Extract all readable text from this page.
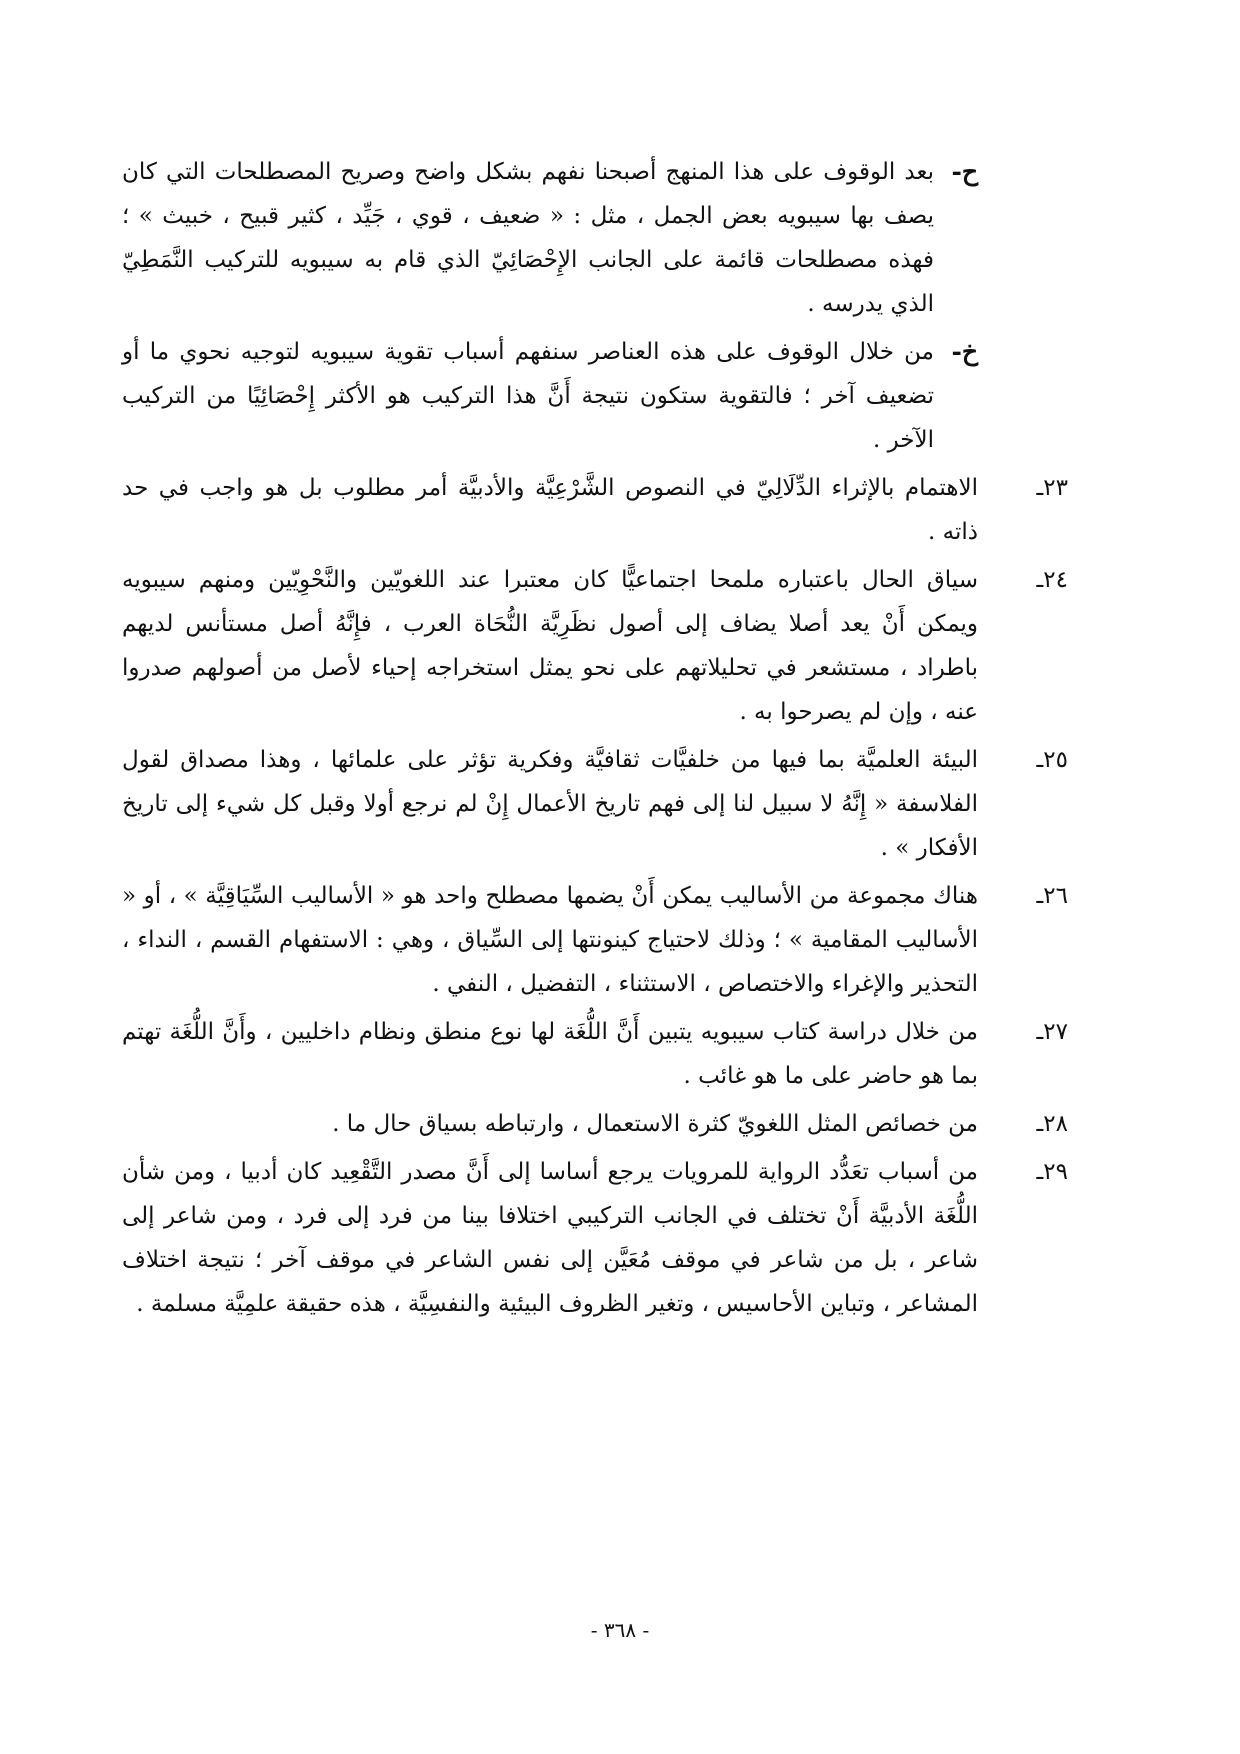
ح-
بعد الوقوف على هذا المنهج أصبحنا نفهم بشكل واضح وصريح المصطلحات التي كان يصف بها سيبويه بعض الجمل ، مثل : « ضعيف ، قوي ، جَيِّد ، كثير قبيح ، خبيث » ؛ فهذه مصطلحات قائمة على الجانب الإِحْصَائِيّ الذي قام به سيبويه للتركيب النَّمَطِيّ الذي يدرسه .
خ-
من خلال الوقوف على هذه العناصر سنفهم أسباب تقوية سيبويه لتوجيه نحوي ما أو تضعيف آخر ؛ فالتقوية ستكون نتيجة أَنَّ هذا التركيب هو الأكثر إِحْصَائِيًا من التركيب الآخر .
٢٣ـ
الاهتمام بالإثراء الدِّلَالِيّ في النصوص الشَّرْعِيَّة والأدبيَّة أمر مطلوب بل هو واجب في حد ذاته .
٢٤ـ
سياق الحال باعتباره ملمحا اجتماعيًّا كان معتبرا عند اللغويّين والنَّحْوِيّين ومنهم سيبويه ويمكن أَنْ يعد أصلا يضاف إلى أصول نظَرِيَّة النُّحَاة العرب ، فإِنَّهُ أصل مستأنس لديهم باطراد ، مستشعر في تحليلاتهم على نحو يمثل استخراجه إحياء لأصل من أصولهم صدروا عنه ، وإن لم يصرحوا به .
٢٥ـ
البيئة العلميَّة بما فيها من خلفيَّات ثقافيَّة وفكرية تؤثر على علمائها ، وهذا مصداق لقول الفلاسفة « إِنَّهُ لا سبيل لنا إلى فهم تاريخ الأعمال إِنْ لم نرجع أولا وقبل كل شيء إلى تاريخ الأفكار » .
٢٦ـ
هناك مجموعة من الأساليب يمكن أَنْ يضمها مصطلح واحد هو « الأساليب السِّيَاقِيَّة » ، أو « الأساليب المقامية » ؛ وذلك لاحتياج كينونتها إلى السِّياق ، وهي : الاستفهام القسم ، النداء ، التحذير والإغراء والاختصاص ، الاستثناء ، التفضيل ، النفي .
٢٧ـ
من خلال دراسة كتاب سيبويه يتبين أَنَّ اللُّغَة لها نوع منطق ونظام داخليين ، وأَنَّ اللُّغَة تهتم بما هو حاضر على ما هو غائب .
٢٨ـ
من خصائص المثل اللغويّ كثرة الاستعمال ، وارتباطه بسياق حال ما .
٢٩ـ
من أسباب تعَدُّد الرواية للمرويات يرجع أساسا إلى أَنَّ مصدر التَّقْعِيد كان أدبيا ، ومن شأن اللُّغَة الأدبيَّة أَنْ تختلف في الجانب التركيبي اختلافا بينا من فرد إلى فرد ، ومن شاعر إلى شاعر ، بل من شاعر في موقف مُعَيَّن إلى نفس الشاعر في موقف آخر ؛ نتيجة اختلاف المشاعر ، وتباين الأحاسيس ، وتغير الظروف البيئية والنفسِيَّة ، هذه حقيقة علمِيَّة مسلمة .
- ٣٦٨ -
